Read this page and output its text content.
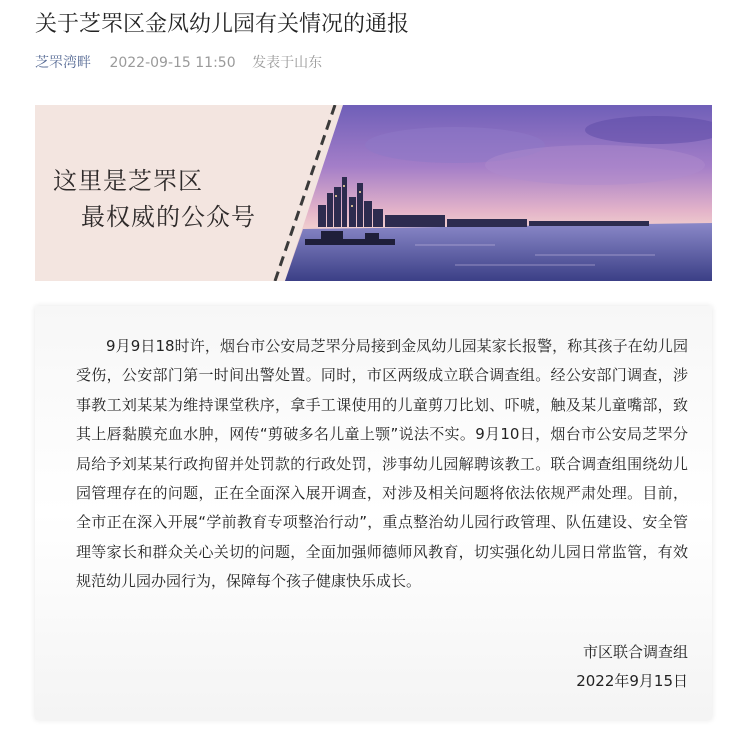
关于芝罘区金凤幼儿园有关情况的通报
芝罘湾畔 2022-09-15 11:50 发表于山东
这里是芝罘区
最权威的公众号

9月9日18时许，烟台市公安局芝罘分局接到金凤幼儿园某家长报警，称其孩子在幼儿园受伤，公安部门第一时间出警处置。同时，市区两级成立联合调查组。经公安部门调查，涉事教工刘某某为维持课堂秩序，拿手工课使用的儿童剪刀比划、吓唬，触及某儿童嘴部，致其上唇黏膜充血水肿，网传“剪破多名儿童上颚”说法不实。9月10日，烟台市公安局芝罘分局给予刘某某行政拘留并处罚款的行政处罚，涉事幼儿园解聘该教工。联合调查组围绕幼儿园管理存在的问题，正在全面深入展开调查，对涉及相关问题将依法依规严肃处理。目前，全市正在深入开展“学前教育专项整治行动”，重点整治幼儿园行政管理、队伍建设、安全管理等家长和群众关心关切的问题，全面加强师德师风教育，切实强化幼儿园日常监管，有效规范幼儿园办园行为，保障每个孩子健康快乐成长。

市区联合调查组
2022年9月15日
